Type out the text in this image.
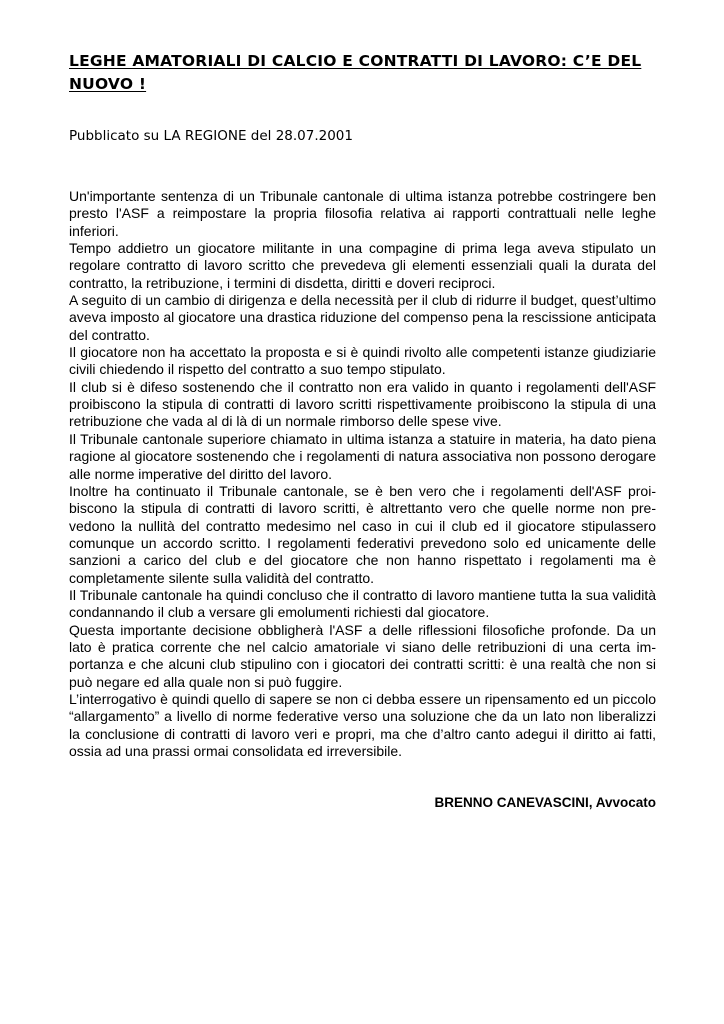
LEGHE AMATORIALI DI CALCIO E CONTRATTI DI LAVORO: C’E DEL NUOVO !

Pubblicato su LA REGIONE del 28.07.2001

Un'importante sentenza di un Tribunale cantonale di ultima istanza potrebbe costringere ben presto l'ASF a reimpostare la propria filosofia relativa ai rapporti contrattuali nelle leghe inferiori.

Tempo addietro un giocatore militante in una compagine di prima lega aveva stipulato un regolare contratto di lavoro scritto che prevedeva gli elementi essenziali quali la durata del contratto, la retribuzione, i termini di disdetta, diritti e doveri reciproci.

A seguito di un cambio di dirigenza e della necessità per il club di ridurre il budget, quest’ultimo aveva imposto al giocatore una drastica riduzione del compenso pena la rescissione anticipata del contratto.

Il giocatore non ha accettato la proposta e si è quindi rivolto alle competenti istanze giudiziarie civili chiedendo il rispetto del contratto a suo tempo stipulato.

Il club si è difeso sostenendo che il contratto non era valido in quanto i regolamenti dell'ASF proibiscono la stipula di contratti di lavoro scritti rispettivamente proibiscono la stipula di una retribuzione che vada al di là di un normale rimborso delle spese vive.

Il Tribunale cantonale superiore chiamato in ultima istanza a statuire in materia, ha dato piena ragione al giocatore sostenendo che i regolamenti di natura associativa non possono derogare alle norme imperative del diritto del lavoro.

Inoltre ha continuato il Tribunale cantonale, se è ben vero che i regolamenti dell'ASF proibiscono la stipula di contratti di lavoro scritti, è altrettanto vero che quelle norme non prevedono la nullità del contratto medesimo nel caso in cui il club ed il giocatore stipulassero comunque un accordo scritto. I regolamenti federativi prevedono solo ed unicamente delle sanzioni a carico del club e del giocatore che non hanno rispettato i regolamenti ma è completamente silente sulla validità del contratto.

Il Tribunale cantonale ha quindi concluso che il contratto di lavoro mantiene tutta la sua validità condannando il club a versare gli emolumenti richiesti dal giocatore.

Questa importante decisione obbligherà l'ASF a delle riflessioni filosofiche profonde. Da un lato è pratica corrente che nel calcio amatoriale vi siano delle retribuzioni di una certa importanza e che alcuni club stipulino con i giocatori dei contratti scritti: è una realtà che non si può negare ed alla quale non si può fuggire.

L’interrogativo è quindi quello di sapere se non ci debba essere un ripensamento ed un piccolo “allargamento” a livello di norme federative verso una soluzione che da un lato non liberalizzi la conclusione di contratti di lavoro veri e propri, ma che d’altro canto adegui il diritto ai fatti, ossia ad una prassi ormai consolidata ed irreversibile.

BRENNO CANEVASCINI, Avvocato
